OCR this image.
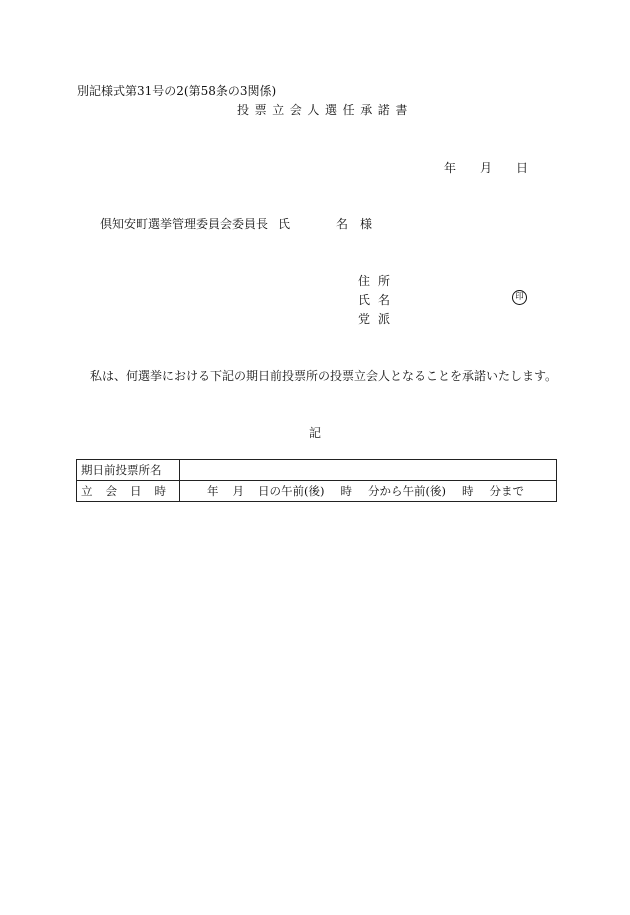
別記様式第31号の2(第58条の3関係)
投票立会人選任承諾書
年 月 日
倶知安町選挙管理委員会委員長 氏	名 様
住所
氏名
党派
印
私は、何選挙における下記の期日前投票所の投票立会人となることを承諾いたします。
記
期日前投票所名	
立会日時	年 月 日の午前(後) 時 分から午前(後) 時 分まで
